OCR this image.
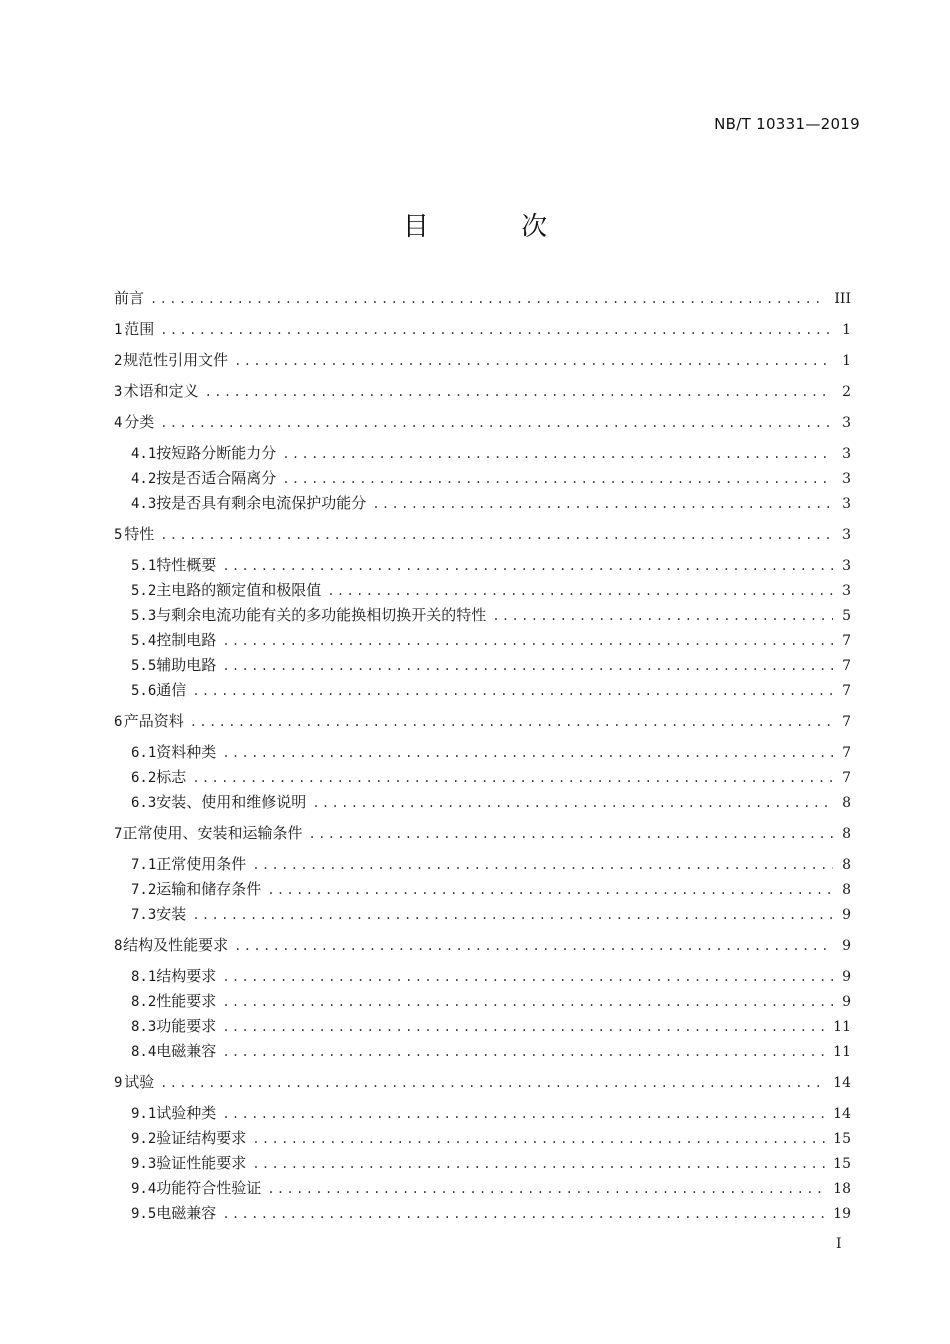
NB/T 10331—2019
目 次
前言 .....	III
1 范围 .....	1
2 规范性引用文件 .....	1
3 术语和定义 .....	2
4 分类 .....	3
4.1 按短路分断能力分 .....	3
4.2 按是否适合隔离分 .....	3
4.3 按是否具有剩余电流保护功能分 .....	3
5 特性 .....	3
5.1 特性概要 .....	3
5.2 主电路的额定值和极限值 .....	3
5.3 与剩余电流功能有关的多功能换相切换开关的特性 .....	5
5.4 控制电路 .....	7
5.5 辅助电路 .....	7
5.6 通信 .....	7
6 产品资料 .....	7
6.1 资料种类 .....	7
6.2 标志 .....	7
6.3 安装、使用和维修说明 .....	8
7 正常使用、安装和运输条件 .....	8
7.1 正常使用条件 .....	8
7.2 运输和储存条件 .....	8
7.3 安装 .....	9
8 结构及性能要求 .....	9
8.1 结构要求 .....	9
8.2 性能要求 .....	9
8.3 功能要求 .....	11
8.4 电磁兼容 .....	11
9 试验 .....	14
9.1 试验种类 .....	14
9.2 验证结构要求 .....	15
9.3 验证性能要求 .....	15
9.4 功能符合性验证 .....	18
9.5 电磁兼容 .....	19
I
